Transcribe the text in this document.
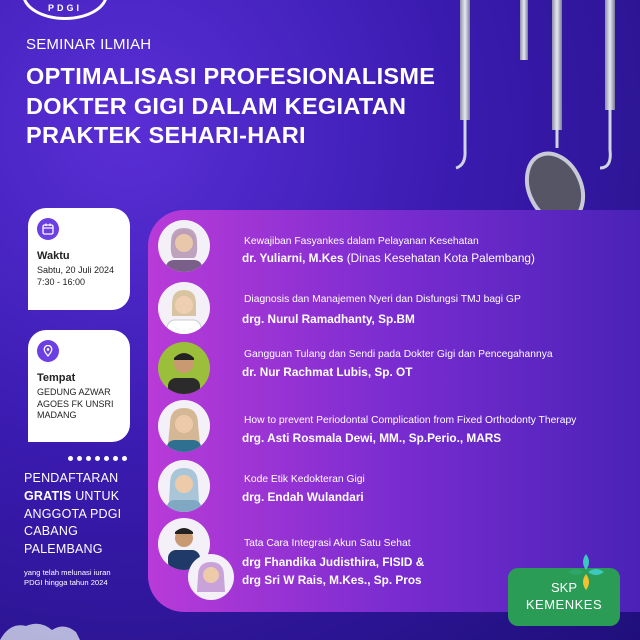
PDGI
SEMINAR ILMIAH
OPTIMALISASI PROFESIONALISME
DOKTER GIGI DALAM KEGIATAN
PRAKTEK SEHARI-HARI
Waktu
Sabtu, 20 Juli 2024
7:30 - 16:00
Tempat
GEDUNG AZWAR
AGOES FK UNSRI
MADANG
PENDAFTARAN
GRATIS UNTUK
ANGGOTA PDGI
CABANG
PALEMBANG
yang telah melunasi iuran
PDGI hingga tahun 2024
Kewajiban Fasyankes dalam Pelayanan Kesehatan
dr. Yuliarni, M.Kes (Dinas Kesehatan Kota Palembang)
Diagnosis dan Manajemen Nyeri dan Disfungsi TMJ bagi GP
drg. Nurul Ramadhanty, Sp.BM
Gangguan Tulang dan Sendi pada Dokter Gigi dan Pencegahannya
dr. Nur Rachmat Lubis, Sp. OT
How to prevent Periodontal Complication from Fixed Orthodonty Therapy
drg. Asti Rosmala Dewi, MM., Sp.Perio., MARS
Kode Etik Kedokteran Gigi
drg. Endah Wulandari
Tata Cara Integrasi Akun Satu Sehat
drg Fhandika Judisthira, FISID &
drg Sri W Rais, M.Kes., Sp. Pros
SKP
KEMENKES
